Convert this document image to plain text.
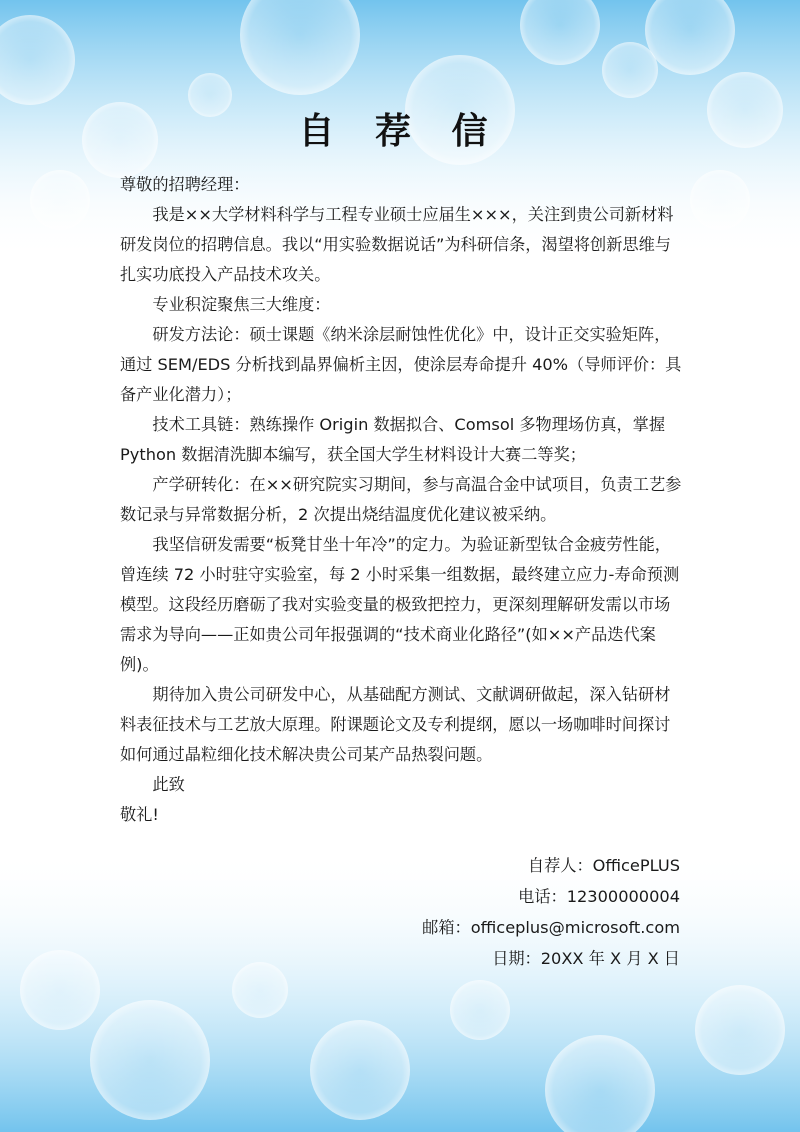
自 荐 信

尊敬的招聘经理：

我是××大学材料科学与工程专业硕士应届生×××，关注到贵公司新材料研发岗位的招聘信息。我以“用实验数据说话”为科研信条，渴望将创新思维与扎实功底投入产品技术攻关。

专业积淀聚焦三大维度：

研发方法论：硕士课题《纳米涂层耐蚀性优化》中，设计正交实验矩阵，通过 SEM/EDS 分析找到晶界偏析主因，使涂层寿命提升 40%（导师评价：具备产业化潜力）；

技术工具链：熟练操作 Origin 数据拟合、Comsol 多物理场仿真，掌握 Python 数据清洗脚本编写，获全国大学生材料设计大赛二等奖；

产学研转化：在××研究院实习期间，参与高温合金中试项目，负责工艺参数记录与异常数据分析，2 次提出烧结温度优化建议被采纳。

我坚信研发需要“板凳甘坐十年冷”的定力。为验证新型钛合金疲劳性能，曾连续 72 小时驻守实验室，每 2 小时采集一组数据，最终建立应力-寿命预测模型。这段经历磨砺了我对实验变量的极致把控力，更深刻理解研发需以市场需求为导向——正如贵公司年报强调的“技术商业化路径”(如××产品迭代案例)。

期待加入贵公司研发中心，从基础配方测试、文献调研做起，深入钻研材料表征技术与工艺放大原理。附课题论文及专利提纲，愿以一场咖啡时间探讨如何通过晶粒细化技术解决贵公司某产品热裂问题。

此致

敬礼!

自荐人：OfficePLUS
电话：12300000004
邮箱：officeplus@microsoft.com
日期：20XX 年 X 月 X 日
